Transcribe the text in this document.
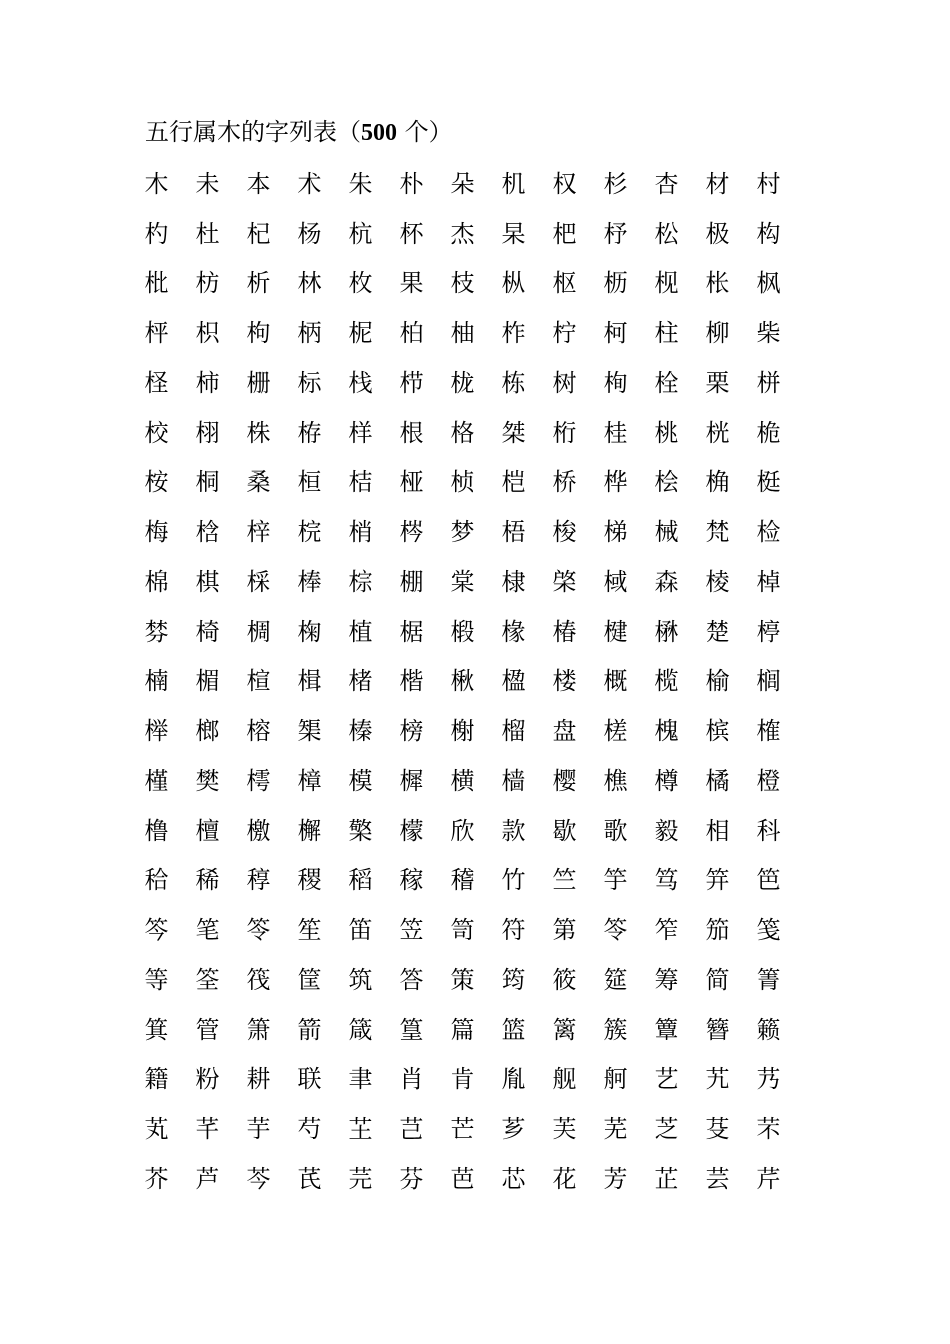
五行属木的字列表（500 个）
木	未	本	术	朱	朴	朵	机	权	杉	杏	材	村
杓	杜	杞	杨	杭	杯	杰	杲	杷	杼	松	极	构
枇	枋	析	林	枚	果	枝	枞	枢	枥	枧	枨	枫
枰	枳	枸	柄	柅	柏	柚	柞	柠	柯	柱	柳	柴
柽	柿	栅	标	栈	栉	栊	栋	树	栒	栓	栗	栟
校	栩	株	栫	样	根	格	桀	桁	桂	桃	桄	桅
桉	桐	桑	桓	桔	桠	桢	桤	桥	桦	桧	桷	梃
梅	梒	梓	梡	梢	梣	梦	梧	梭	梯	械	梵	检
棉	棋	棌	棒	棕	棚	棠	棣	棨	棫	森	棱	棹
棼	椅	椆	椈	植	椐	椴	椽	椿	楗	楙	楚	楟
楠	楣	楦	楫	楮	楷	楸	楹	楼	概	榄	榆	榈
榉	榔	榕	榘	榛	榜	榭	榴	盘	槎	槐	槟	榷
槿	樊	樗	樟	模	樨	横	樯	樱	樵	樽	橘	橙
橹	檀	檄	檞	檠	檬	欣	款	歇	歌	毅	相	科
秴	稀	稕	稷	稻	稼	稽	竹	竺	竽	笃	笄	笆
笒	笔	笭	笙	笛	笠	笥	符	第	笭	笮	笳	笺
等	筌	筏	筐	筑	答	策	筠	筱	筵	筹	简	箐
箕	管	箫	箭	箴	篁	篇	篮	篱	簇	簟	簪	籁
籍	粉	耕	联	聿	肖	肯	胤	舰	舸	艺	艽	艿
芄	芊	芋	芍	芏	芑	芒	芗	芙	芜	芝	芟	芣
芥	芦	芩	芪	芫	芬	芭	芯	花	芳	芷	芸	芹
